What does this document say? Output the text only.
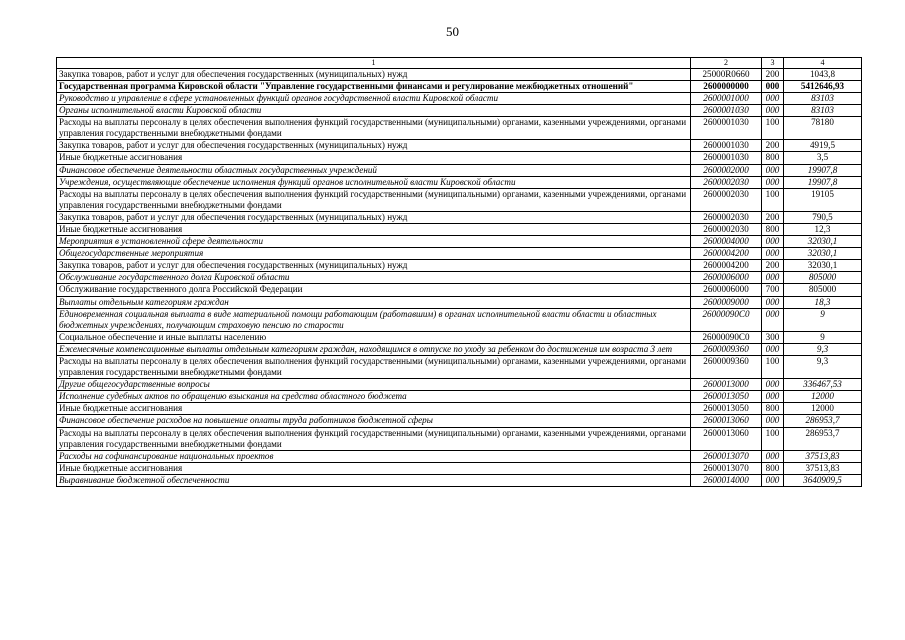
50
1	2	3	4
Закупка товаров, работ и услуг для обеспечения государственных (муниципальных) нужд	25000R0660	200	1043,8
Государственная программа Кировской области "Управление государственными финансами и регулирование межбюджетных отношений"	2600000000	000	5412646,93
Руководство и управление в сфере установленных функций органов государственной власти Кировской области	2600001000	000	83103
Органы исполнительной власти Кировской области	2600001030	000	83103
Расходы на выплаты персоналу в целях обеспечения выполнения функций государственными (муниципальными) органами, казенными учреждениями, органами управления государственными внебюджетными фондами	2600001030	100	78180
Закупка товаров, работ и услуг для обеспечения государственных (муниципальных) нужд	2600001030	200	4919,5
Иные бюджетные ассигнования	2600001030	800	3,5
Финансовое обеспечение деятельности областных государственных учреждений	2600002000	000	19907,8
Учреждения, осуществляющие обеспечение исполнения функций органов исполнительной власти Кировской области	2600002030	000	19907,8
Расходы на выплаты персоналу в целях обеспечения выполнения функций государственными (муниципальными) органами, казенными учреждениями, органами управления государственными внебюджетными фондами	2600002030	100	19105
Закупка товаров, работ и услуг для обеспечения государственных (муниципальных) нужд	2600002030	200	790,5
Иные бюджетные ассигнования	2600002030	800	12,3
Мероприятия в установленной сфере деятельности	2600004000	000	32030,1
Общегосударственные мероприятия	2600004200	000	32030,1
Закупка товаров, работ и услуг для обеспечения государственных (муниципальных) нужд	2600004200	200	32030,1
Обслуживание государственного долга Кировской области	2600006000	000	805000
Обслуживание государственного долга Российской Федерации	2600006000	700	805000
Выплаты отдельным категориям граждан	2600009000	000	18,3
Единовременная социальная выплата в виде материальной помощи работающим (работавшим) в органах исполнительной власти области и областных бюджетных учреждениях, получающим страховую пенсию по старости	26000090С0	000	9
Социальное обеспечение и иные выплаты населению	26000090С0	300	9
Ежемесячные компенсационные выплаты отдельным категориям граждан, находящимся в отпуске по уходу за ребенком до достижения им возраста 3 лет	2600009360	000	9,3
Расходы на выплаты персоналу в целях обеспечения выполнения функций государственными (муниципальными) органами, казенными учреждениями, органами управления государственными внебюджетными фондами	2600009360	100	9,3
Другие общегосударственные вопросы	2600013000	000	336467,53
Исполнение судебных актов по обращению взыскания на средства областного бюджета	2600013050	000	12000
Иные бюджетные ассигнования	2600013050	800	12000
Финансовое обеспечение расходов на повышение оплаты труда работников бюджетной сферы	2600013060	000	286953,7
Расходы на выплаты персоналу в целях обеспечения выполнения функций государственными (муниципальными) органами, казенными учреждениями, органами управления государственными внебюджетными фондами	2600013060	100	286953,7
Расходы на софинансирование национальных проектов	2600013070	000	37513,83
Иные бюджетные ассигнования	2600013070	800	37513,83
Выравнивание бюджетной обеспеченности	2600014000	000	3640909,5
